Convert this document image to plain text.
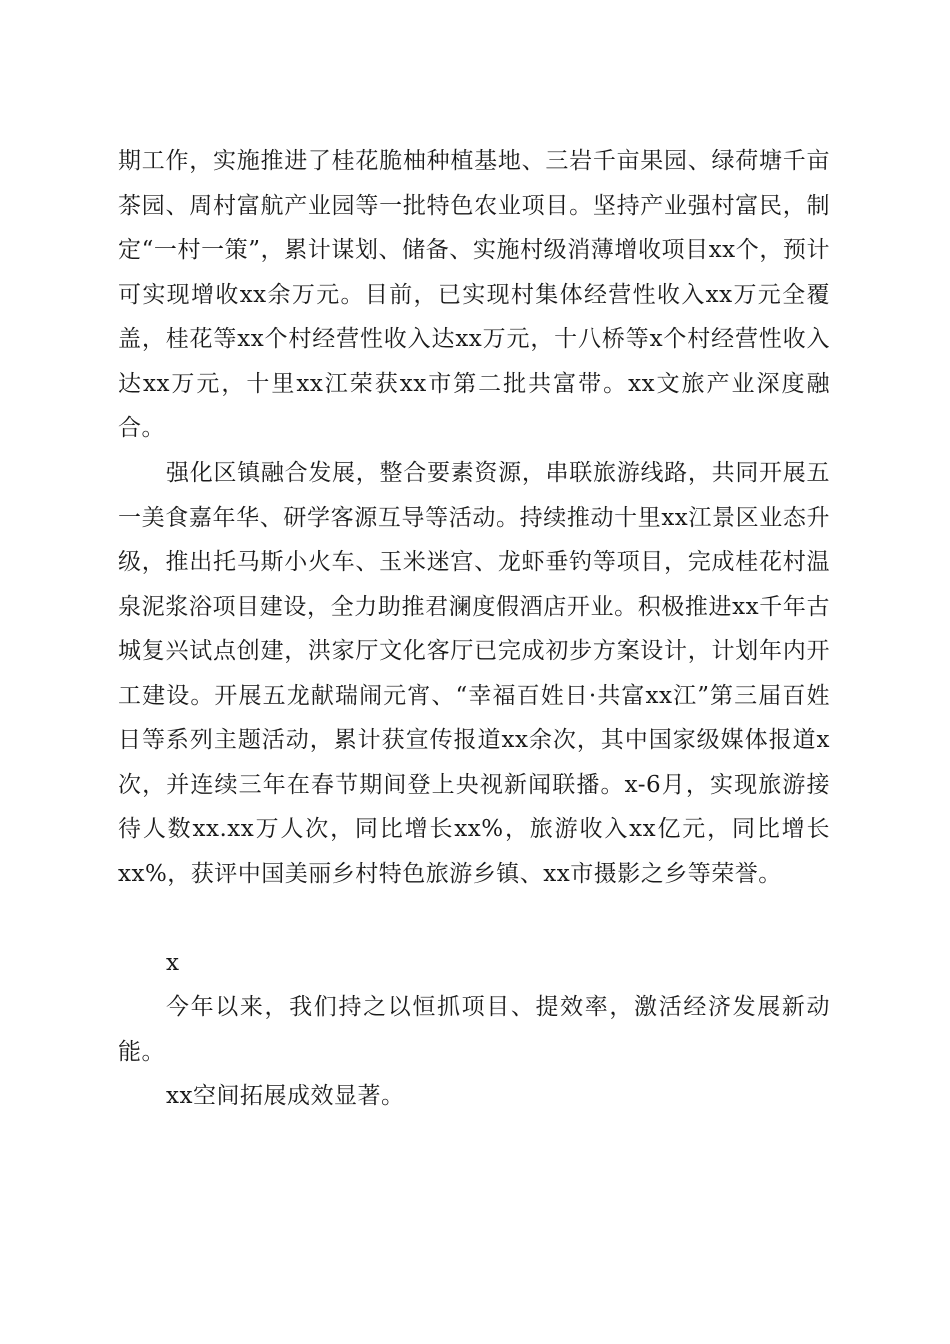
期工作，实施推进了桂花脆柚种植基地、三岩千亩果园、绿荷塘千亩茶园、周村富航产业园等一批特色农业项目。坚持产业强村富民，制定“一村一策”，累计谋划、储备、实施村级消薄增收项目xx个，预计可实现增收xx余万元。目前，已实现村集体经营性收入xx万元全覆盖，桂花等xx个村经营性收入达xx万元，十八桥等x个村经营性收入达xx万元，十里xx江荣获xx市第二批共富带。xx文旅产业深度融合。

强化区镇融合发展，整合要素资源，串联旅游线路，共同开展五一美食嘉年华、研学客源互导等活动。持续推动十里xx江景区业态升级，推出托马斯小火车、玉米迷宫、龙虾垂钓等项目，完成桂花村温泉泥浆浴项目建设，全力助推君澜度假酒店开业。积极推进xx千年古城复兴试点创建，洪家厅文化客厅已完成初步方案设计，计划年内开工建设。开展五龙献瑞闹元宵、“幸福百姓日·共富xx江”第三届百姓日等系列主题活动，累计获宣传报道xx余次，其中国家级媒体报道x次，并连续三年在春节期间登上央视新闻联播。x-6月，实现旅游接待人数xx.xx万人次，同比增长xx%，旅游收入xx亿元，同比增长xx%，获评中国美丽乡村特色旅游乡镇、xx市摄影之乡等荣誉。

x

今年以来，我们持之以恒抓项目、提效率，激活经济发展新动能。

xx空间拓展成效显著。
